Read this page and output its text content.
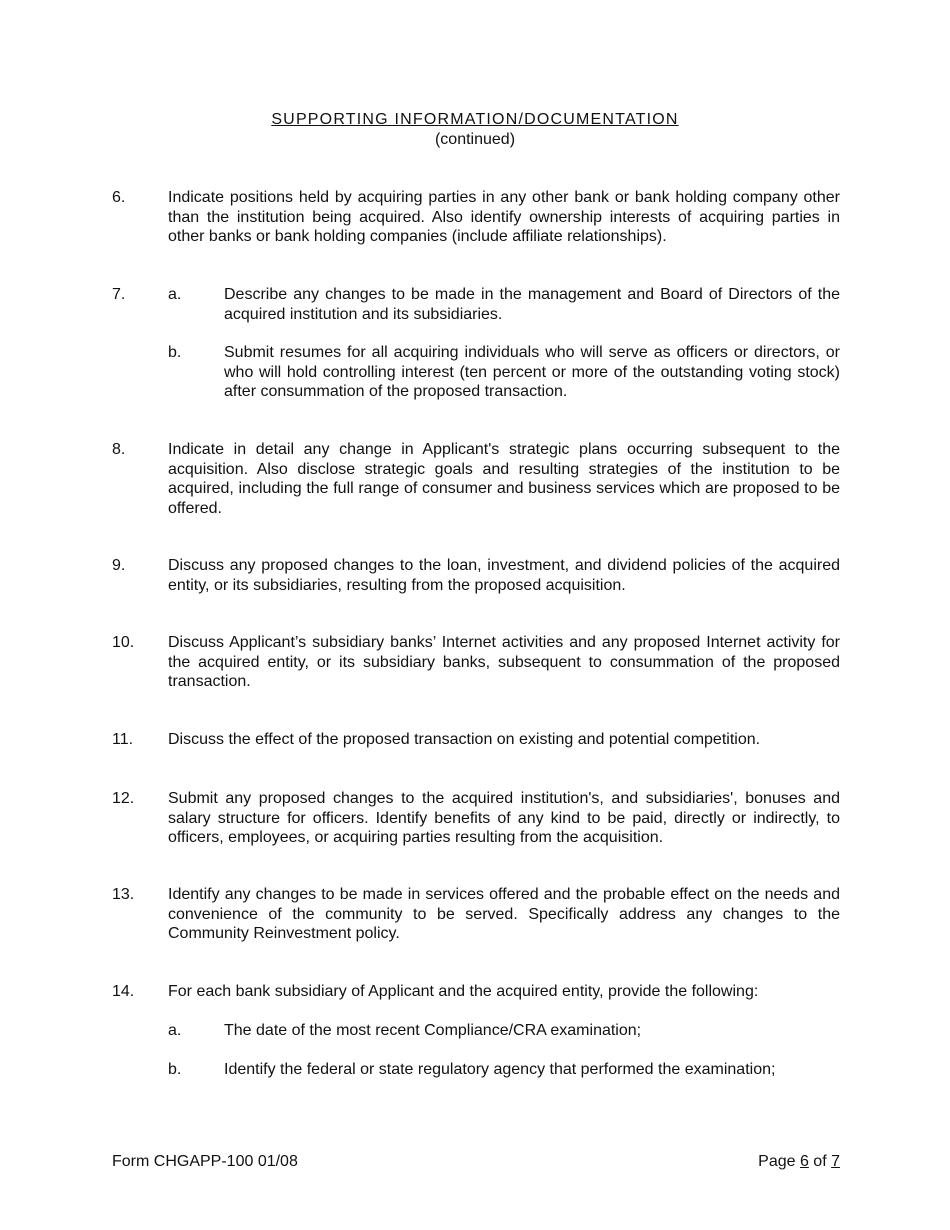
SUPPORTING INFORMATION/DOCUMENTATION
(continued)
6.	Indicate positions held by acquiring parties in any other bank or bank holding company other than the institution being acquired. Also identify ownership interests of acquiring parties in other banks or bank holding companies (include affiliate relationships).
7.	a.	Describe any changes to be made in the management and Board of Directors of the acquired institution and its subsidiaries.
b.	Submit resumes for all acquiring individuals who will serve as officers or directors, or who will hold controlling interest (ten percent or more of the outstanding voting stock) after consummation of the proposed transaction.
8.	Indicate in detail any change in Applicant's strategic plans occurring subsequent to the acquisition. Also disclose strategic goals and resulting strategies of the institution to be acquired, including the full range of consumer and business services which are proposed to be offered.
9.	Discuss any proposed changes to the loan, investment, and dividend policies of the acquired entity, or its subsidiaries, resulting from the proposed acquisition.
10.	Discuss Applicant’s subsidiary banks’ Internet activities and any proposed Internet activity for the acquired entity, or its subsidiary banks, subsequent to consummation of the proposed transaction.
11.	Discuss the effect of the proposed transaction on existing and potential competition.
12.	Submit any proposed changes to the acquired institution's, and subsidiaries', bonuses and salary structure for officers. Identify benefits of any kind to be paid, directly or indirectly, to officers, employees, or acquiring parties resulting from the acquisition.
13.	Identify any changes to be made in services offered and the probable effect on the needs and convenience of the community to be served. Specifically address any changes to the Community Reinvestment policy.
14.	For each bank subsidiary of Applicant and the acquired entity, provide the following:
a.	The date of the most recent Compliance/CRA examination;
b.	Identify the federal or state regulatory agency that performed the examination;
Form CHGAPP-100 01/08	Page 6 of 7
